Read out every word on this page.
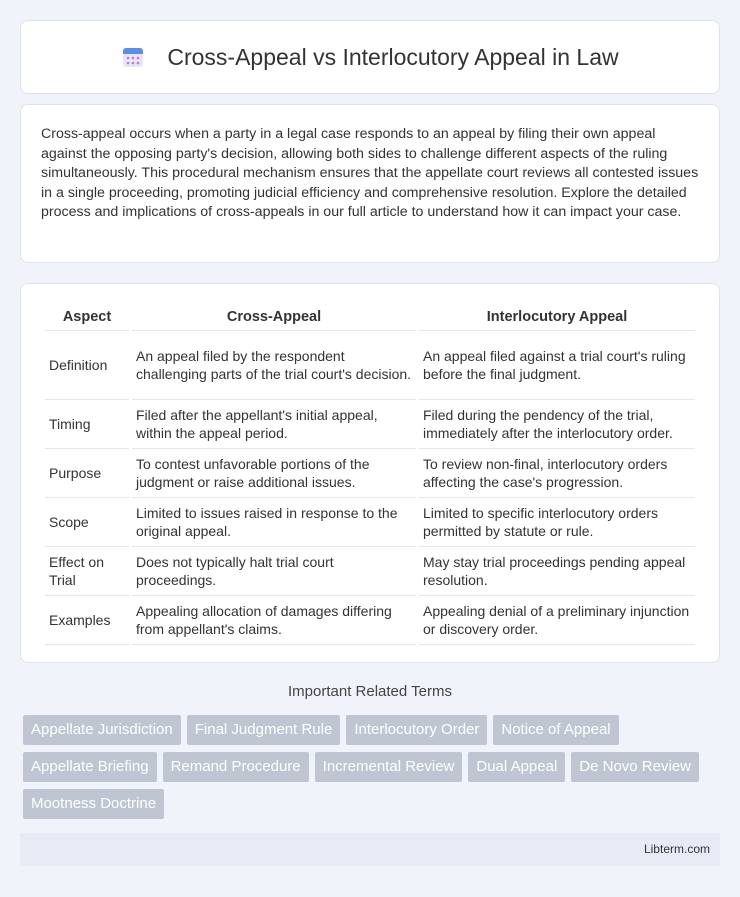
Cross-Appeal vs Interlocutory Appeal in Law

Cross-appeal occurs when a party in a legal case responds to an appeal by filing their own appeal against the opposing party's decision, allowing both sides to challenge different aspects of the ruling simultaneously. This procedural mechanism ensures that the appellate court reviews all contested issues in a single proceeding, promoting judicial efficiency and comprehensive resolution. Explore the detailed process and implications of cross-appeals in our full article to understand how it can impact your case.

Aspect	Cross-Appeal	Interlocutory Appeal
Definition	An appeal filed by the respondent challenging parts of the trial court's decision.	An appeal filed against a trial court's ruling before the final judgment.
Timing	Filed after the appellant's initial appeal, within the appeal period.	Filed during the pendency of the trial, immediately after the interlocutory order.
Purpose	To contest unfavorable portions of the judgment or raise additional issues.	To review non-final, interlocutory orders affecting the case's progression.
Scope	Limited to issues raised in response to the original appeal.	Limited to specific interlocutory orders permitted by statute or rule.
Effect on Trial	Does not typically halt trial court proceedings.	May stay trial proceedings pending appeal resolution.
Examples	Appealing allocation of damages differing from appellant's claims.	Appealing denial of a preliminary injunction or discovery order.
Important Related Terms
Appellate Jurisdiction	Final Judgment Rule	Interlocutory Order	Notice of Appeal
Appellate Briefing	Remand Procedure	Incremental Review	Dual Appeal	De Novo Review
Mootness Doctrine
Libterm.com
